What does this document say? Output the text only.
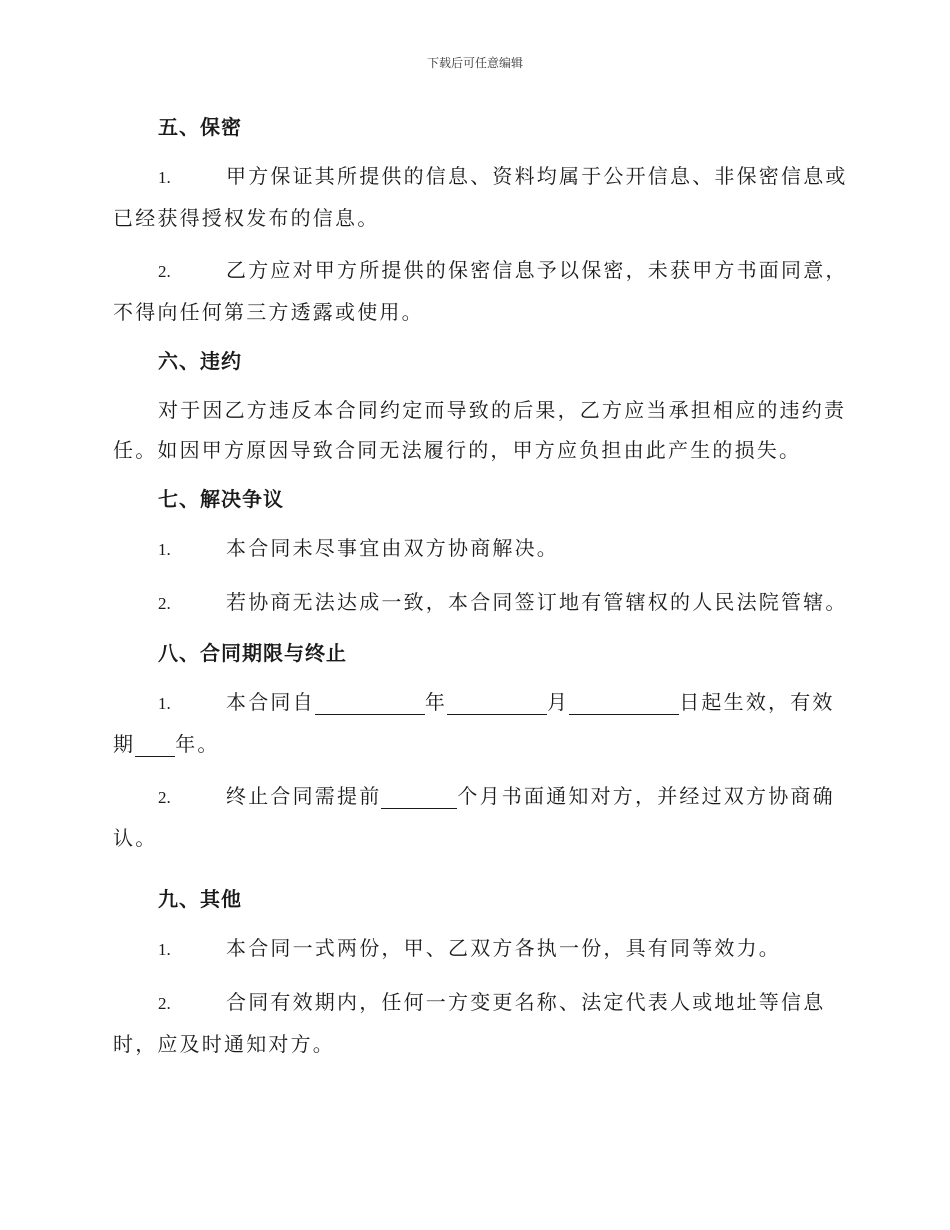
下载后可任意编辑
五、保密
1.	甲方保证其所提供的信息、资料均属于公开信息、非保密信息或
已经获得授权发布的信息。
2.	乙方应对甲方所提供的保密信息予以保密，未获甲方书面同意，
不得向任何第三方透露或使用。
六、违约
对于因乙方违反本合同约定而导致的后果，乙方应当承担相应的违约责
任。如因甲方原因导致合同无法履行的，甲方应负担由此产生的损失。
七、解决争议
1.	本合同未尽事宜由双方协商解决。
2.	若协商无法达成一致，本合同签订地有管辖权的人民法院管辖。
八、合同期限与终止
1.	本合同自	年	月	日起生效，有效
期 年。
2.	终止合同需提前	个月书面通知对方，并经过双方协商确
认。
九、其他
1.	本合同一式两份，甲、乙双方各执一份，具有同等效力。
2.	合同有效期内，任何一方变更名称、法定代表人或地址等信息
时，应及时通知对方。
